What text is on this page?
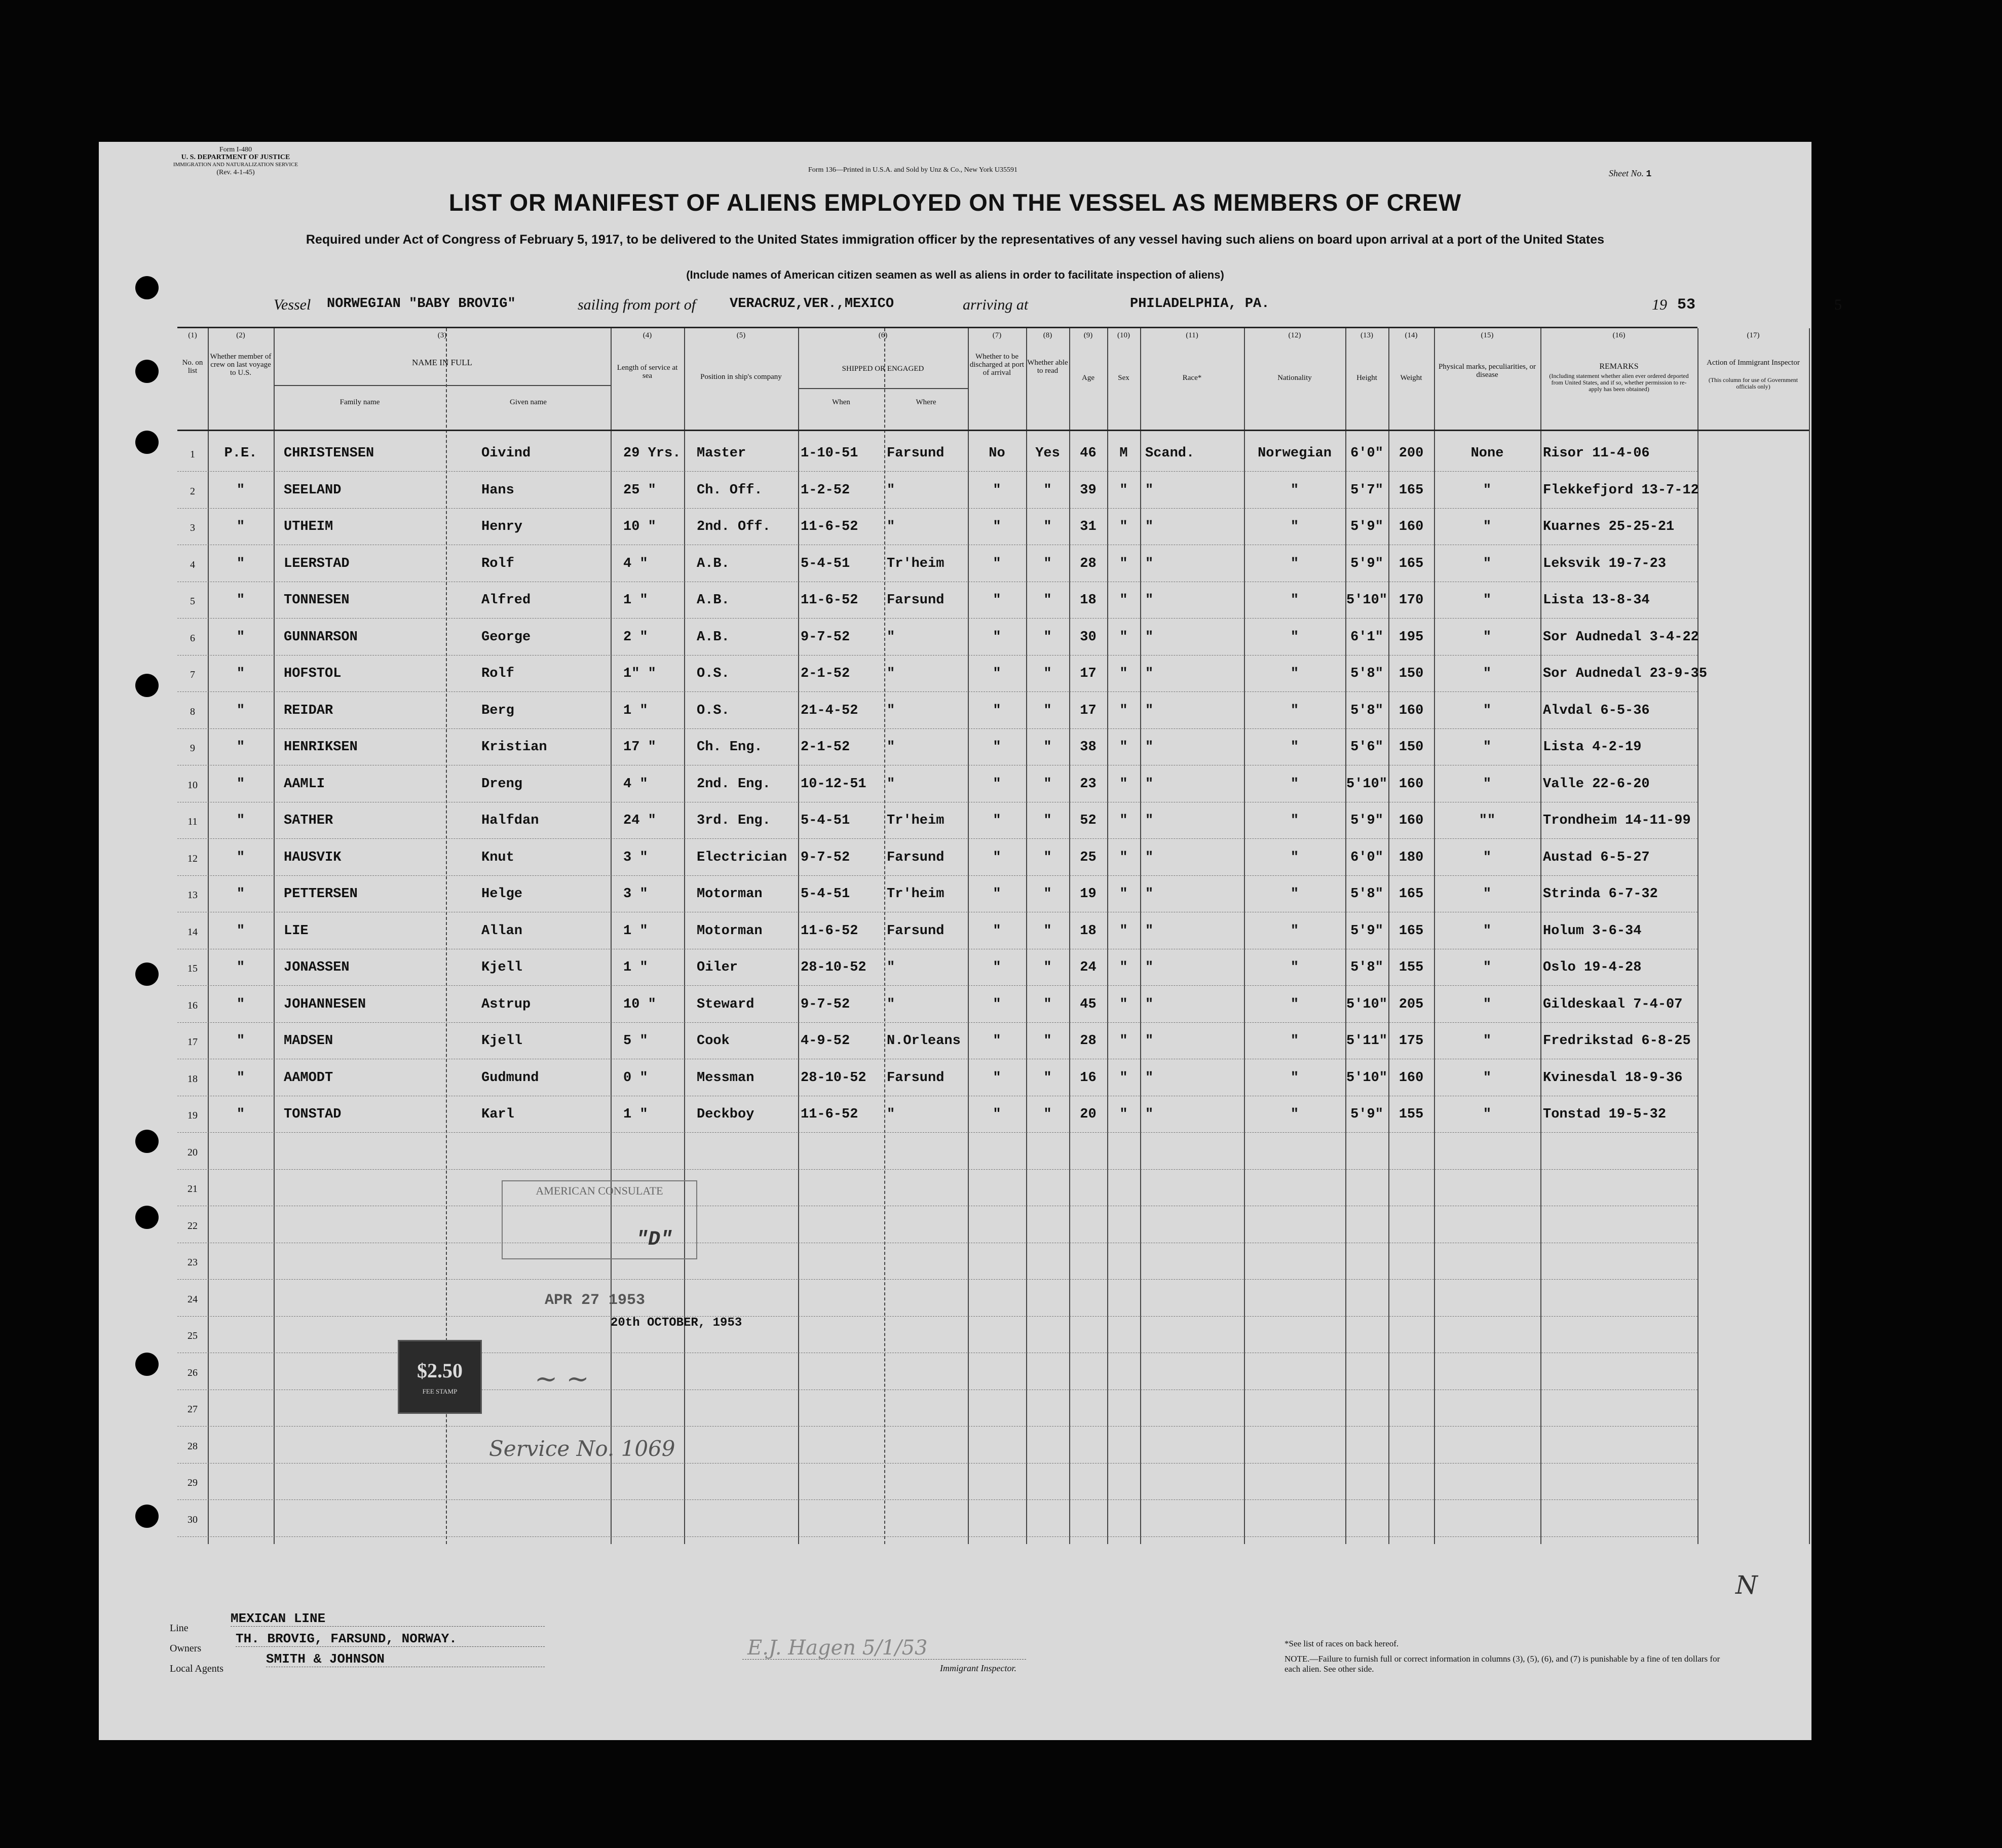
Form I-480
U. S. DEPARTMENT OF JUSTICE
IMMIGRATION AND NATURALIZATION SERVICE
(Rev. 4-1-45)	Form 136—Printed in U.S.A. and Sold by Unz & Co., New York U35591	Sheet No. 1
LIST OR MANIFEST OF ALIENS EMPLOYED ON THE VESSEL AS MEMBERS OF CREW
Required under Act of Congress of February 5, 1917, to be delivered to the United States immigration officer by the representatives of any vessel having such aliens on board upon arrival at a port of the United States
(Include names of American citizen seamen as well as aliens in order to facilitate inspection of aliens)
Vessel NORWEGIAN "BABY BROVIG"	sailing from port of VERACRUZ,VER.,MEXICO	arriving at	PHILADELPHIA, PA.	19 53	5
(1)	(2)	(3)	(4)	(5)	(6)	(7)	(8)	(9)	(10)	(11)	(12)	(13)	(14)	(15)	(16)	(17)
No. on list
Whether member of crew on last voyage to U.S.
NAME IN FULL
Family name	Given name
Length of service at sea	Position in ship's company
SHIPPED OR ENGAGED
When	Where
Whether to be discharged at port of arrival
Whether able to read
Age	Sex	Race*	Nationality	Height	Weight
Physical marks, peculiarities, or disease
REMARKS
(Including statement whether alien ever ordered deported from United States, and if so, whether permission to re-apply has been obtained)
Action of Immigrant Inspector
(This column for use of Government officials only)
1	P.E.	CHRISTENSEN	Oivind	29 Yrs. Master	1-10-51	Farsund	No	Yes	46	M	Scand.	Norwegian	6'0"	200	None	Risor 11-4-06
2	"	SEELAND	Hans	25 "	Ch. Off.	1-2-52	"	"	"	39	"	"	"	5'7"	165	"	Flekkefjord 13-7-12
3	"	UTHEIM	Henry	10 "	2nd. Off.	11-6-52	"	"	"	31	"	"	"	5'9"	160	"	Kuarnes 25-25-21
4	"	LEERSTAD	Rolf	4 "	A.B.	5-4-51	Tr'heim	"	"	28	"	"	"	5'9"	165	"	Leksvik 19-7-23
5	"	TONNESEN	Alfred	1 "	A.B.	11-6-52	Farsund	"	"	18	"	"	"	5'10" 170	"	Lista 13-8-34
6	"	GUNNARSON	George	2 "	A.B.	9-7-52	"	"	"	30	"	"	"	6'1"	195	"	Sor Audnedal 3-4-22
7	"	HOFSTOL	Rolf	1" "	O.S.	2-1-52	"	"	"	17	"	"	"	5'8"	150	"	Sor Audnedal 23-9-35
8	"	REIDAR	Berg	1 "	O.S.	21-4-52	"	"	"	17	"	"	"	5'8"	160	"	Alvdal 6-5-36
9	"	HENRIKSEN	Kristian	17 "	Ch. Eng.	2-1-52	"	"	"	38	"	"	"	5'6"	150	"	Lista 4-2-19
10	"	AAMLI	Dreng	4 "	2nd. Eng.	10-12-51	"	"	"	23	"	"	"	5'10" 160	"	Valle 22-6-20
11	"	SATHER	Halfdan	24 "	3rd. Eng.	5-4-51	Tr'heim	"	"	52	"	"	"	5'9"	160	""	Trondheim 14-11-99
12	"	HAUSVIK	Knut	3 "	Electrician 9-7-52	Farsund	"	"	25	"	"	"	6'0"	180	"	Austad 6-5-27
13	"	PETTERSEN	Helge	3 "	Motorman	5-4-51	Tr'heim	"	"	19	"	"	"	5'8"	165	"	Strinda 6-7-32
14	"	LIE	Allan	1 "	Motorman	11-6-52	Farsund	"	"	18	"	"	"	5'9"	165	"	Holum 3-6-34
15	"	JONASSEN	Kjell	1 "	Oiler	28-10-52	"	"	"	24	"	"	"	5'8"	155	"	Oslo 19-4-28
16	"	JOHANNESEN	Astrup	10 "	Steward	9-7-52	"	"	"	45	"	"	"	5'10" 205	"	Gildeskaal 7-4-07
17	"	MADSEN	Kjell	5 "	Cook	4-9-52	N.Orleans	"	"	28	"	"	"	5'11" 175	"	Fredrikstad 6-8-25
18	"	AAMODT	Gudmund	0 "	Messman	28-10-52	Farsund	"	"	16	"	"	"	5'10" 160	"	Kvinesdal 18-9-36
19	"	TONSTAD	Karl	1 "	Deckboy	11-6-52	"	"	"	20	"	"	"	5'9"	155	"	Tonstad 19-5-32
20
21
22
23
24
25
26
27
28
29
30
AMERICAN CONSULATE
"D"
APR 27 1953
20th OCTOBER, 1953
$2.50
FEE STAMP	~ ~
Service No. 1069
Line
MEXICAN LINE
Owners
TH. BROVIG, FARSUND, NORWAY.
Local Agents
SMITH & JOHNSON	E.J. Hagen 5/1/53
Immigrant Inspector.
*See list of races on back hereof.
NOTE.—Failure to furnish full or correct information in columns (3), (5), (6), and (7) is punishable by a fine of ten dollars for each alien. See other side.
N
